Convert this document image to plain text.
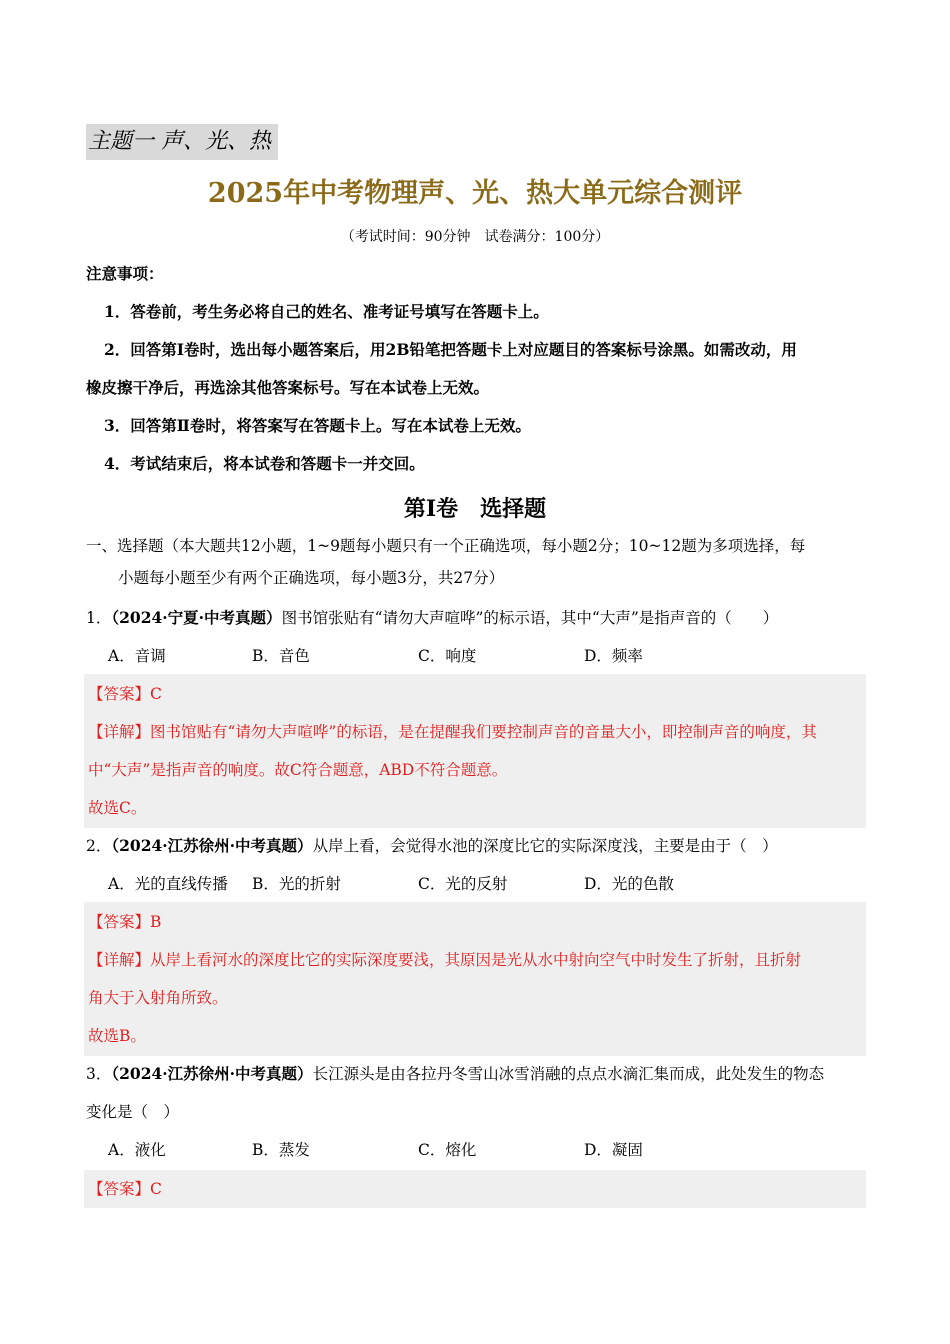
主题一 声、光、热
2025年中考物理声、光、热大单元综合测评
（考试时间：90分钟　试卷满分：100分）
注意事项：
1．答卷前，考生务必将自己的姓名、准考证号填写在答题卡上。
2．回答第Ⅰ卷时，选出每小题答案后，用2B铅笔把答题卡上对应题目的答案标号涂黑。如需改动，用
橡皮擦干净后，再选涂其他答案标号。写在本试卷上无效。
3．回答第Ⅱ卷时，将答案写在答题卡上。写在本试卷上无效。
4．考试结束后，将本试卷和答题卡一并交回。
第Ⅰ卷　选择题
一、选择题（本大题共12小题，1~9题每小题只有一个正确选项，每小题2分；10~12题为多项选择，每
小题每小题至少有两个正确选项，每小题3分，共27分）
1．（2024·宁夏·中考真题）图书馆张贴有“请勿大声喧哗”的标示语，其中“大声”是指声音的（　　）
A．音调	B．音色	C．响度	D．频率
【答案】C
【详解】图书馆贴有“请勿大声喧哗”的标语，是在提醒我们要控制声音的音量大小，即控制声音的响度，其
中“大声”是指声音的响度。故C符合题意，ABD不符合题意。
故选C。
2．（2024·江苏徐州·中考真题）从岸上看，会觉得水池的深度比它的实际深度浅，主要是由于（　）
A．光的直线传播 B．光的折射	C．光的反射	D．光的色散
【答案】B
【详解】从岸上看河水的深度比它的实际深度要浅，其原因是光从水中射向空气中时发生了折射，且折射
角大于入射角所致。
故选B。
3．（2024·江苏徐州·中考真题）长江源头是由各拉丹冬雪山冰雪消融的点点水滴汇集而成，此处发生的物态
变化是（　）
A．液化	B．蒸发	C．熔化	D．凝固
【答案】C
